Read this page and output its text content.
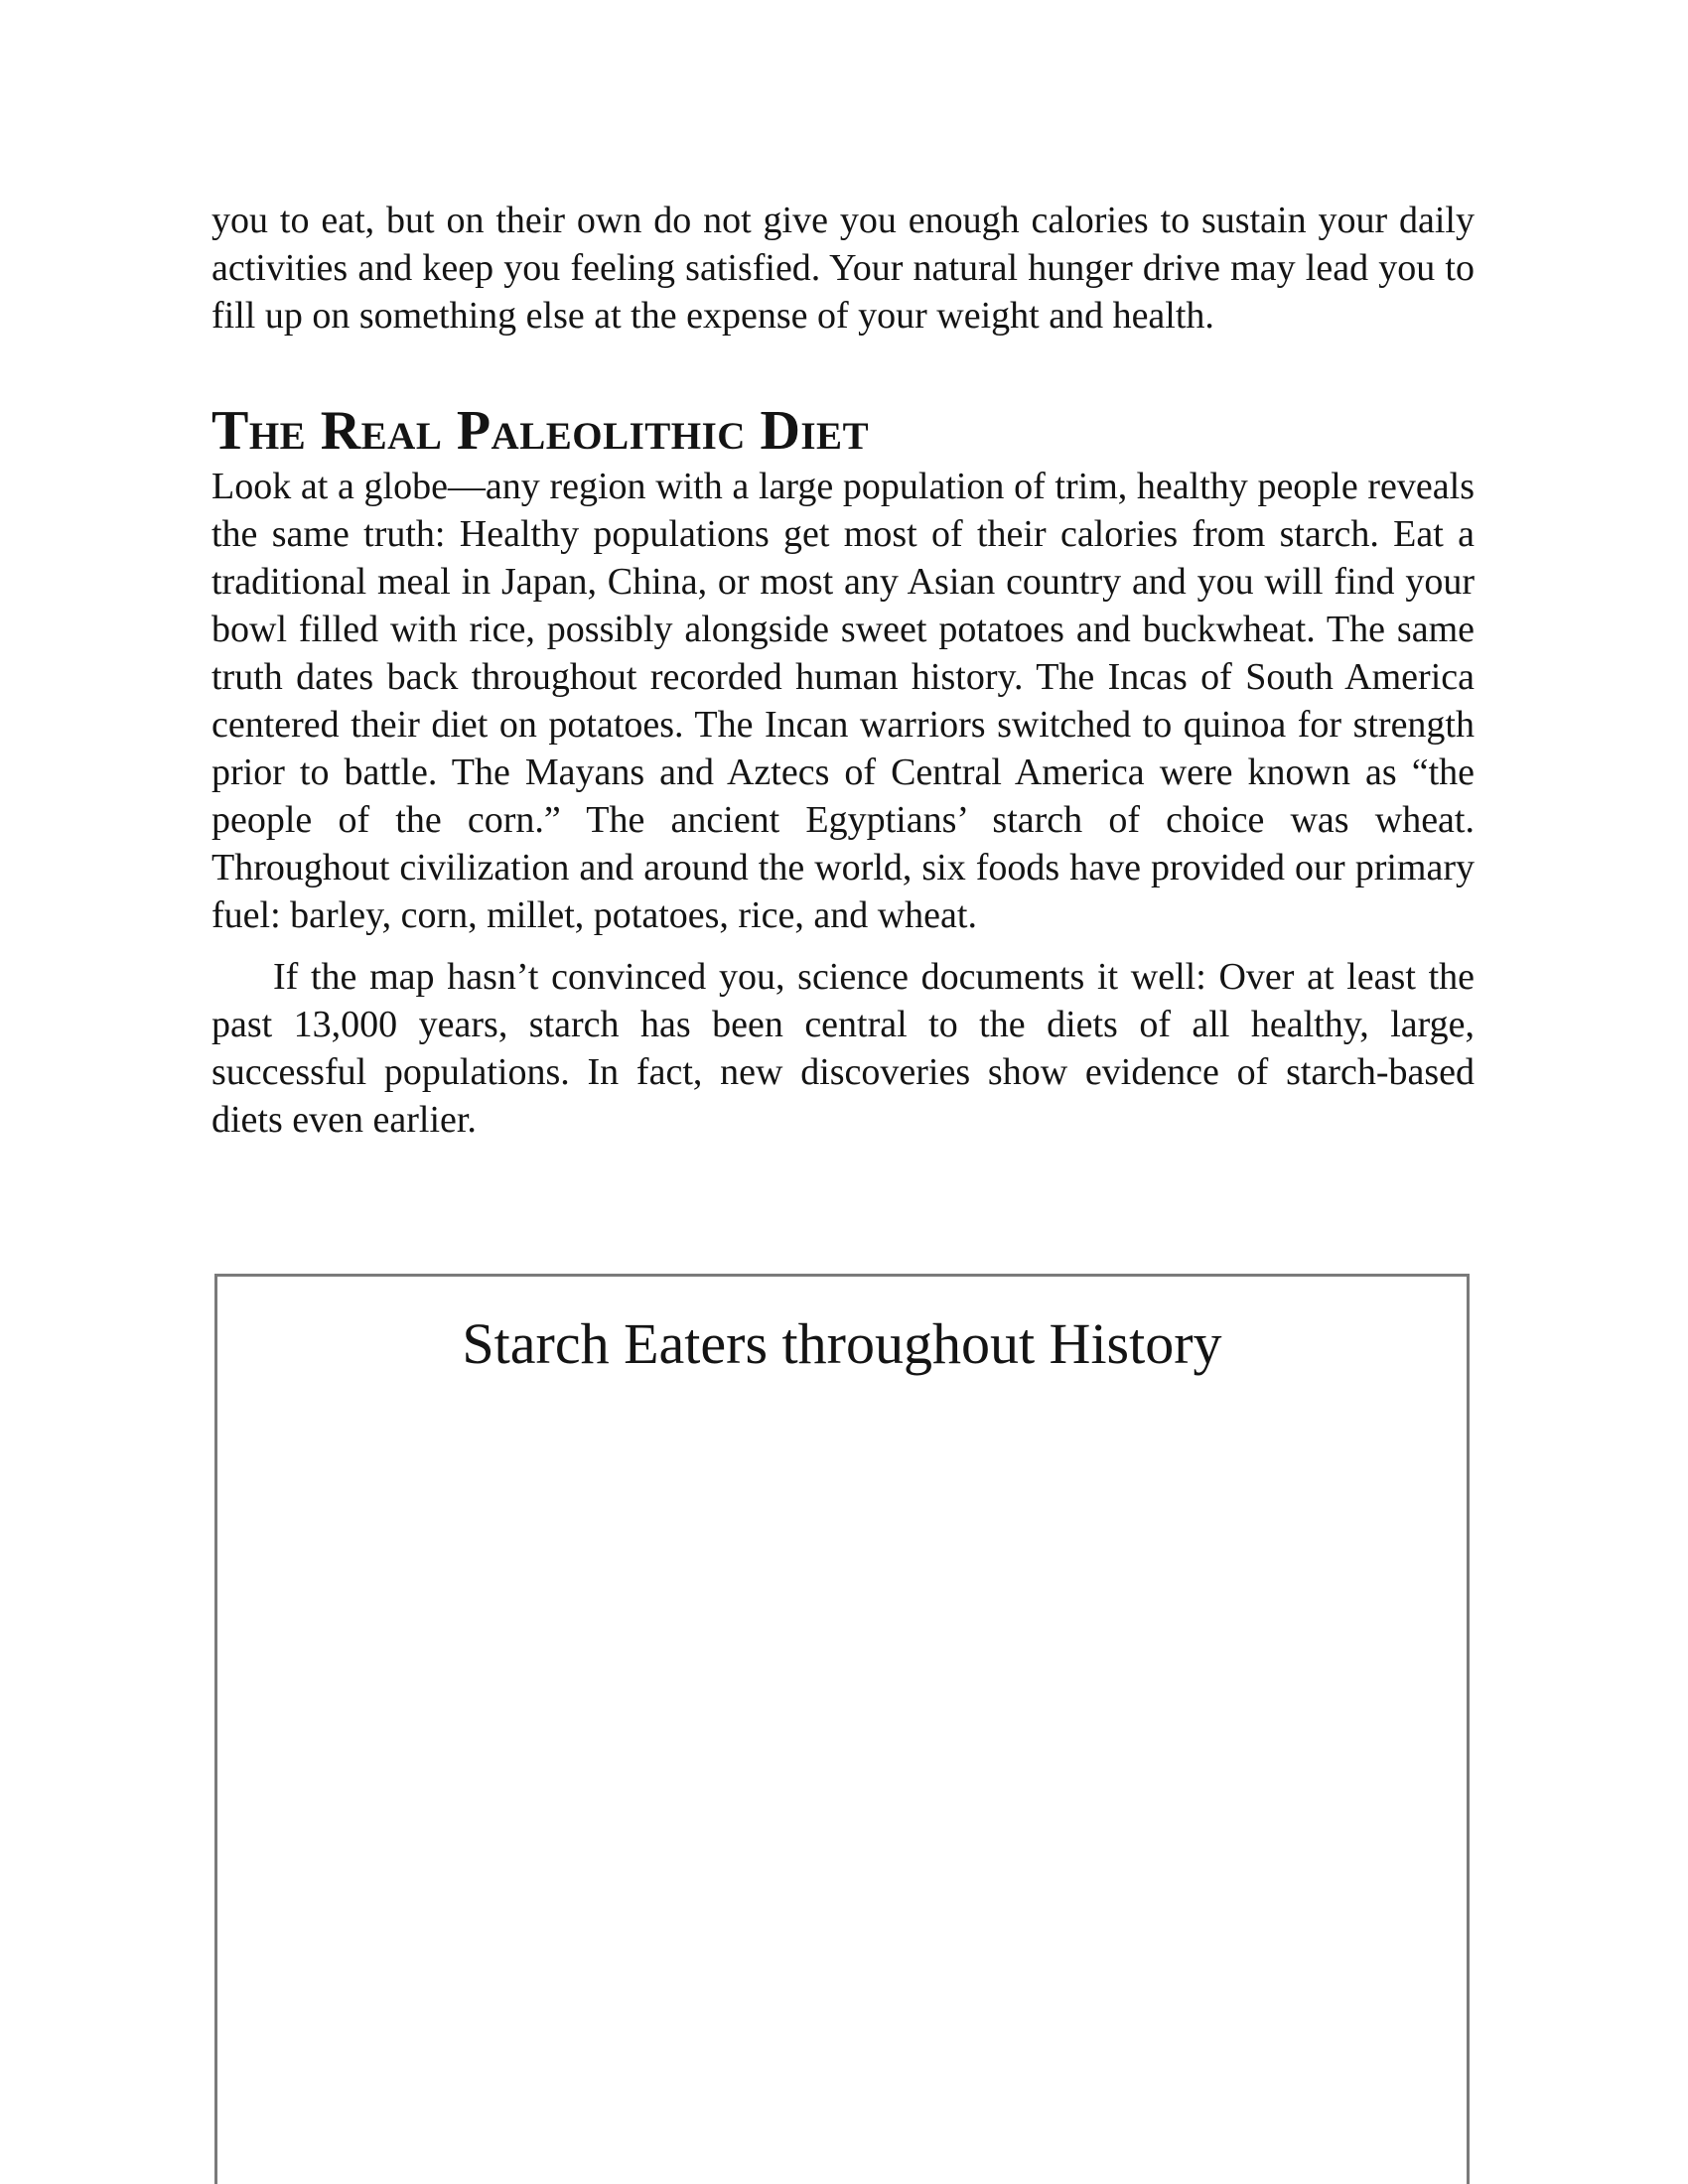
you to eat, but on their own do not give you enough calories to sustain your daily activities and keep you feeling satisfied. Your natural hunger drive may lead you to fill up on something else at the expense of your weight and health.

The Real Paleolithic Diet

Look at a globe—any region with a large population of trim, healthy people reveals the same truth: Healthy populations get most of their calories from starch. Eat a traditional meal in Japan, China, or most any Asian country and you will find your bowl filled with rice, possibly alongside sweet potatoes and buckwheat. The same truth dates back throughout recorded human history. The Incas of South America centered their diet on potatoes. The Incan warriors switched to quinoa for strength prior to battle. The Mayans and Aztecs of Central America were known as “the people of the corn.” The ancient Egyptians’ starch of choice was wheat. Throughout civilization and around the world, six foods have provided our primary fuel: barley, corn, millet, potatoes, rice, and wheat.

If the map hasn’t convinced you, science documents it well: Over at least the past 13,000 years, starch has been central to the diets of all healthy, large, successful populations. In fact, new discoveries show evidence of starch-based diets even earlier.

Starch Eaters throughout History
